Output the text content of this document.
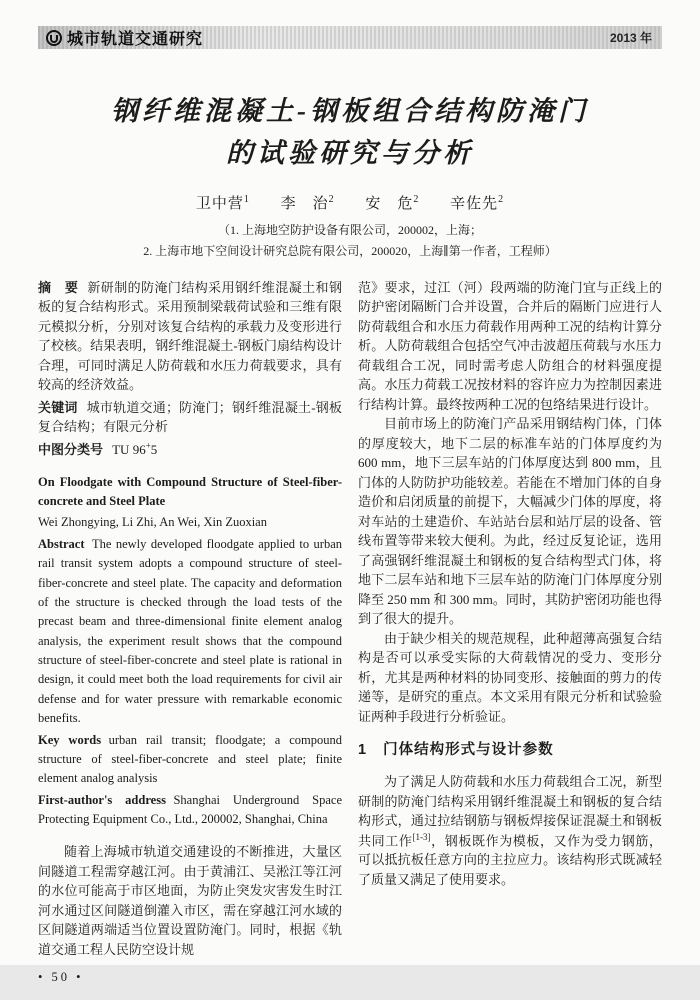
城市轨道交通研究	2013 年
钢纤维混凝土-钢板组合结构防淹门
的试验研究与分析
卫中营$^1$ 李　治$^2$ 安　危$^2$ 辛佐先$^2$
（1. 上海地空防护设备有限公司，200002，上海；
2. 上海市地下空间设计研究总院有限公司，200020，上海∥第一作者，工程师）

摘　要 新研制的防淹门结构采用钢纤维混凝土和钢板的复合结构形式。采用预制梁载荷试验和三维有限元模拟分析，分别对该复合结构的承载力及变形进行了校核。结果表明，钢纤维混凝土-钢板门扇结构设计合理，可同时满足人防荷载和水压力荷载要求，具有较高的经济效益。

关键词 城市轨道交通；防淹门；钢纤维混凝土-钢板复合结构；有限元分析

中图分类号 TU 96+5

On Floodgate with Compound Structure of Steel-fiber-concrete and Steel Plate

Wei Zhongying, Li Zhi, An Wei, Xin Zuoxian

Abstract The newly developed floodgate applied to urban rail transit system adopts a compound structure of steel-fiber-concrete and steel plate. The capacity and deformation of the structure is checked through the load tests of the precast beam and three-dimensional finite element analog analysis, the experiment result shows that the compound structure of steel-fiber-concrete and steel plate is rational in design, it could meet both the load requirements for civil air defense and for water pressure with remarkable economic benefits.

Key words urban rail transit; floodgate; a compound structure of steel-fiber-concrete and steel plate; finite element analog analysis

First-author's address Shanghai Underground Space Protecting Equipment Co., Ltd., 200002, Shanghai, China

随着上海城市轨道交通建设的不断推进，大量区间隧道工程需穿越江河。由于黄浦江、吴淞江等江河的水位可能高于市区地面，为防止突发灾害发生时江河水通过区间隧道倒灌入市区，需在穿越江河水域的区间隧道两端适当位置设置防淹门。同时，根据《轨道交通工程人民防空设计规

• 50 •

范》要求，过江（河）段两端的防淹门宜与正线上的防护密闭隔断门合并设置，合并后的隔断门应进行人防荷载组合和水压力荷载作用两种工况的结构计算分析。人防荷载组合包括空气冲击波超压荷载与水压力荷载组合工况，同时需考虑人防组合的材料强度提高。水压力荷载工况按材料的容许应力为控制因素进行结构计算。最终按两种工况的包络结果进行设计。

目前市场上的防淹门产品采用钢结构门体，门体的厚度较大，地下二层的标准车站的门体厚度约为 600 mm，地下三层车站的门体厚度达到 800 mm，且门体的人防防护功能较差。若能在不增加门体的自身造价和启闭质量的前提下，大幅减少门体的厚度，将对车站的土建造价、车站站台层和站厅层的设备、管线布置等带来较大便利。为此，经过反复论证，选用了高强钢纤维混凝土和钢板的复合结构型式门体，将地下二层车站和地下三层车站的防淹门门体厚度分别降至 250 mm 和 300 mm。同时，其防护密闭功能也得到了很大的提升。

由于缺少相关的规范规程，此种超薄高强复合结构是否可以承受实际的大荷载情况的受力、变形分析，尤其是两种材料的协同变形、接触面的剪力的传递等，是研究的重点。本文采用有限元分析和试验验证两种手段进行分析验证。

1 门体结构形式与设计参数

为了满足人防荷载和水压力荷载组合工况，新型研制的防淹门结构采用钢纤维混凝土和钢板的复合结构形式，通过拉结钢筋与钢板焊接保证混凝土和钢板共同工作[1-3]，钢板既作为模板，又作为受力钢筋，可以抵抗板任意方向的主拉应力。该结构形式既减轻了质量又满足了使用要求。
